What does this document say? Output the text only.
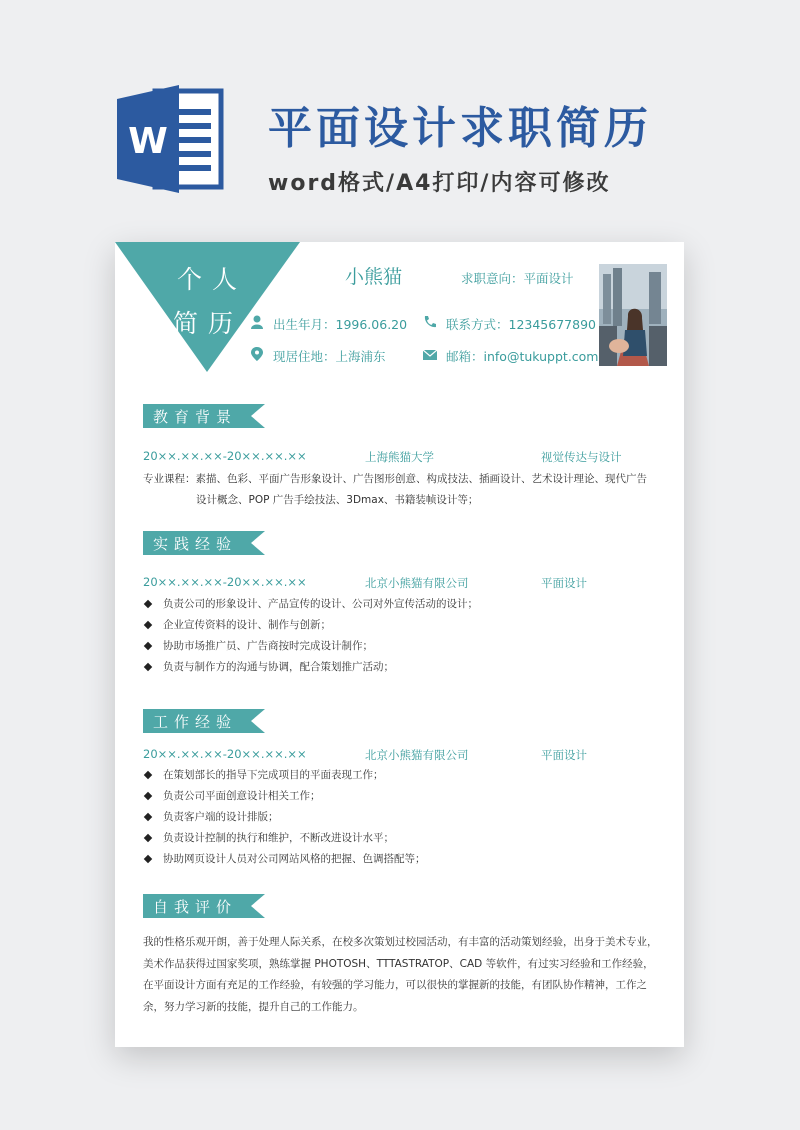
W 平面设计求职简历
word格式/A4打印/内容可修改
个人
简历
小熊猫	求职意向：平面设计
出生年月：1996.06.20	联系方式：12345677890
现居住地：上海浦东	邮箱：info@tukuppt.com
教育背景
20××.××.××-20××.××.××	上海熊猫大学	视觉传达与设计
专业课程：素描、色彩、平面广告形象设计、广告图形创意、构成技法、插画设计、艺术设计理论、现代广告
设计概念、POP 广告手绘技法、3Dmax、书籍装帧设计等；
实践经验
20××.××.××-20××.××.××	北京小熊猫有限公司	平面设计
负责公司的形象设计、产品宣传的设计、公司对外宣传活动的设计；
企业宣传资料的设计、制作与创新；
协助市场推广员、广告商按时完成设计制作；
负责与制作方的沟通与协调，配合策划推广活动；
工作经验
20××.××.××-20××.××.××	北京小熊猫有限公司	平面设计
在策划部长的指导下完成项目的平面表现工作；
负责公司平面创意设计相关工作；
负责客户端的设计排版；
负责设计控制的执行和维护，不断改进设计水平；
协助网页设计人员对公司网站风格的把握、色调搭配等；
自我评价
我的性格乐观开朗，善于处理人际关系，在校多次策划过校园活动，有丰富的活动策划经验，出身于美术专业，美术作品获得过国家奖项，熟练掌握 PHOTOSH、TTTASTRATOP、CAD 等软件，有过实习经验和工作经验，在平面设计方面有充足的工作经验，有较强的学习能力，可以很快的掌握新的技能，有团队协作精神，工作之余，努力学习新的技能，提升自己的工作能力。
